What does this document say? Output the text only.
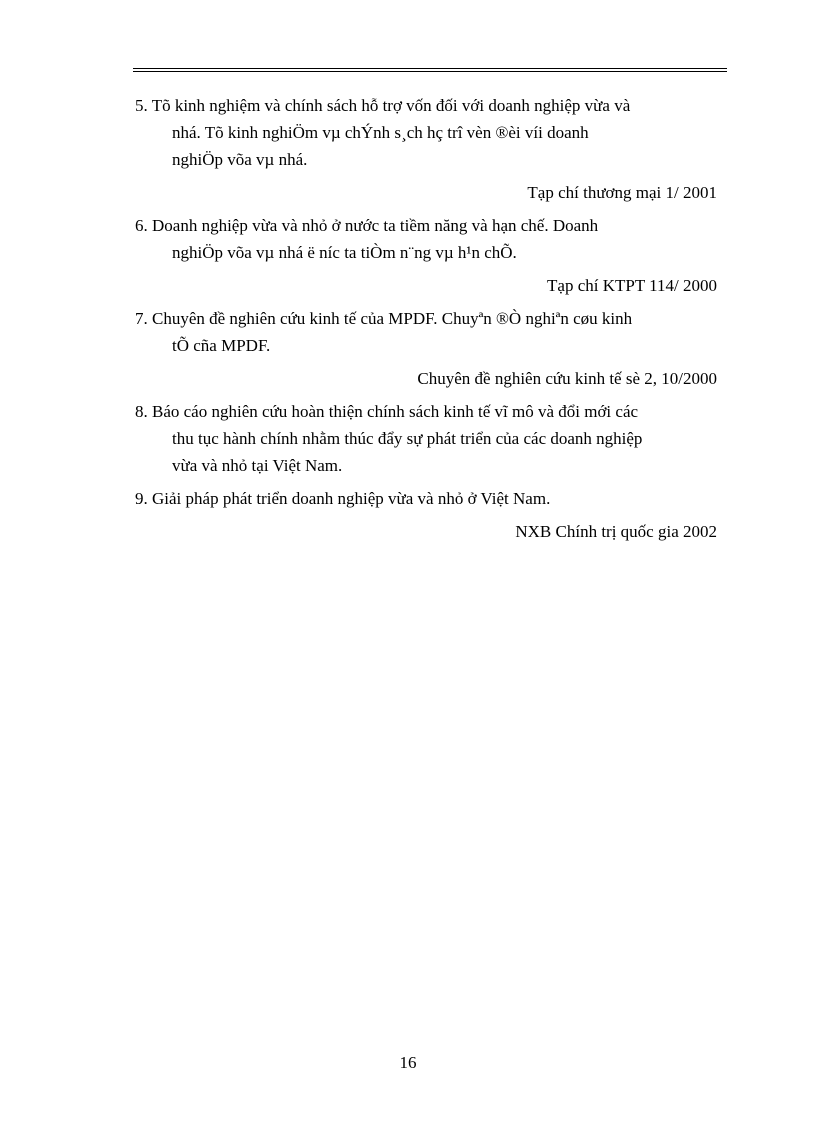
5. Tõ kinh nghiệm và chính sách hỗ trợ vốn đối với doanh nghiệp vừa và
nhá. Tõ kinh nghiÖm vµ chÝnh s¸ch hç trî vèn ®èi víi doanh
nghiÖp võa vµ nhá.
Tạp chí thương mại 1/ 2001
6. Doanh nghiệp vừa và nhỏ ở nước ta tiềm năng và hạn chế. Doanh
nghiÖp võa vµ nhá ë níc ta tiÒm n¨ng vµ h¹n chÕ.
Tạp chí KTPT 114/ 2000
7. Chuyên đề nghiên cứu kinh tế của MPDF. Chuyªn ®Ò nghiªn cøu kinh
tÕ cña MPDF.
Chuyên đề nghiên cứu kinh tế sè 2, 10/2000
8. Báo cáo nghiên cứu hoàn thiện chính sách kinh tế vĩ mô và đổi mới các
thu tục hành chính nhằm thúc đẩy sự phát triển của các doanh nghiệp
vừa và nhỏ tại Việt Nam.
9. Giải pháp phát triển doanh nghiệp vừa và nhỏ ở Việt Nam.
NXB Chính trị quốc gia 2002
16
